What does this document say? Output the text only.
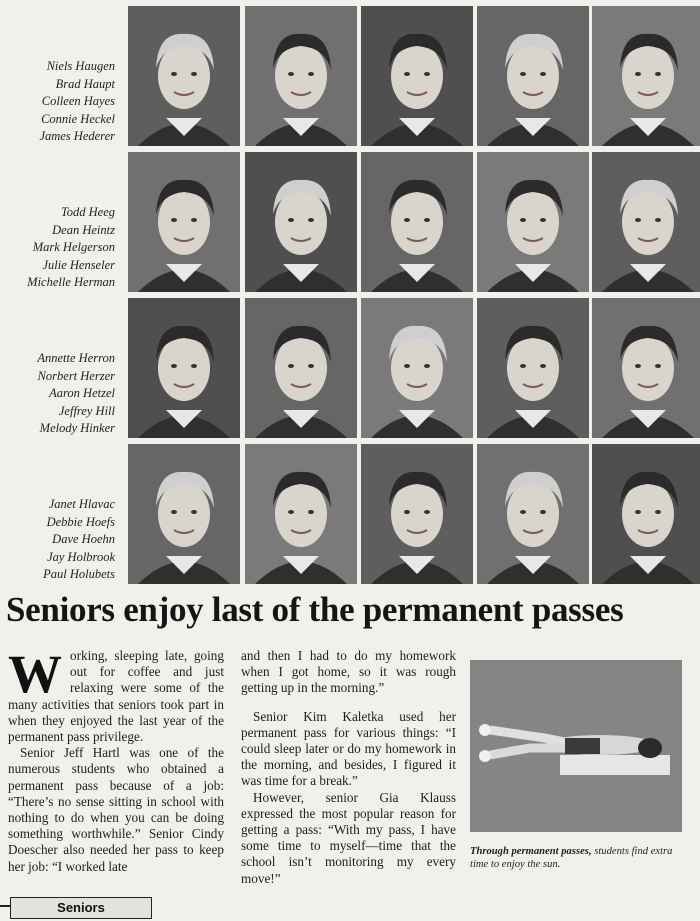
Niels Haugen
Brad Haupt
Colleen Hayes
Connie Heckel
James Hederer
Todd Heeg
Dean Heintz
Mark Helgerson
Julie Henseler
Michelle Herman
Annette Herron
Norbert Herzer
Aaron Hetzel
Jeffrey Hill
Melody Hinker
Janet Hlavac
Debbie Hoefs
Dave Hoehn
Jay Holbrook
Paul Holubets
Seniors enjoy last of the permanent passes

Working, sleeping late, going out for coffee and just relaxing were some of the many activities that seniors took part in when they enjoyed the last year of the permanent pass privilege.

Senior Jeff Hartl was one of the numerous students who obtained a permanent pass because of a job: “There’s no sense sitting in school with nothing to do when you can be doing something worthwhile.” Senior Cindy Doescher also needed her pass to keep her job: “I worked late

and then I had to do my homework when I got home, so it was rough getting up in the morning.”

Senior Kim Kaletka used her permanent pass for various things: “I could sleep later or do my homework in the morning, and besides, I figured it was time for a break.”

However, senior Gia Klauss expressed the most popular reason for getting a pass: “With my pass, I have some time to myself—time that the school isn’t monitoring my every move!”

Through permanent passes, students find extra time to enjoy the sun.
Seniors
